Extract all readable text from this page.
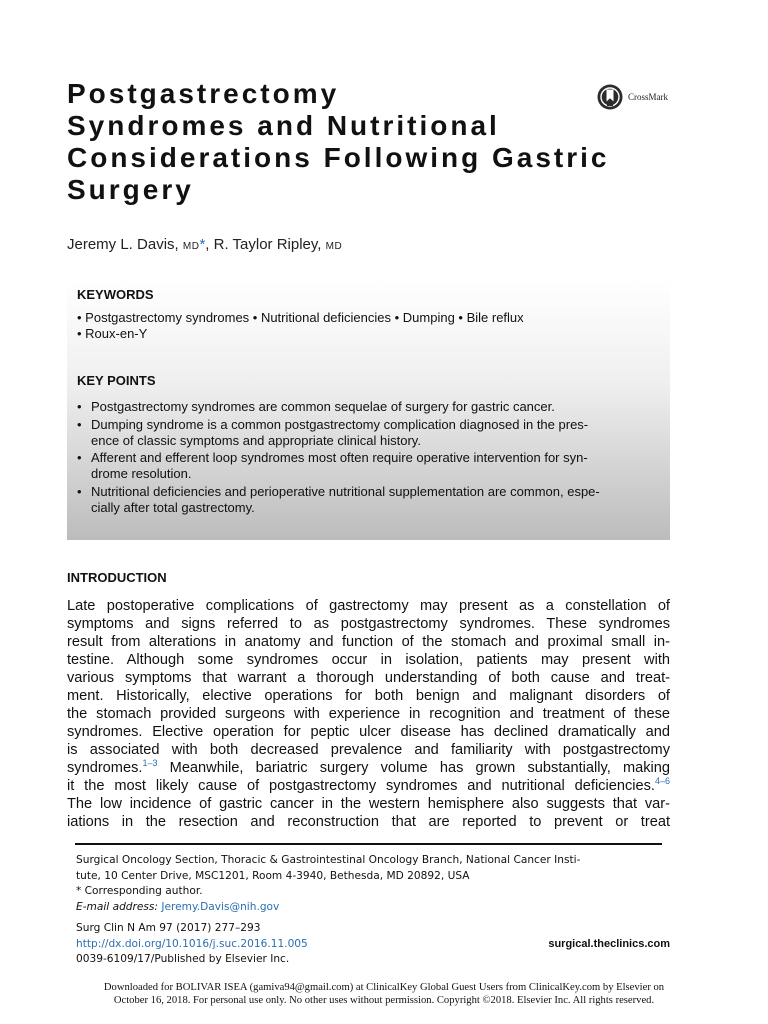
Postgastrectomy
Syndromes and Nutritional
Considerations Following Gastric
Surgery
CrossMark
Jeremy L. Davis, MD*, R. Taylor Ripley, MD
KEYWORDS
• Postgastrectomy syndromes • Nutritional deficiencies • Dumping • Bile reflux
• Roux-en-Y
KEY POINTS
• Postgastrectomy syndromes are common sequelae of surgery for gastric cancer.
• Dumping syndrome is a common postgastrectomy complication diagnosed in the pres-
ence of classic symptoms and appropriate clinical history.
• Afferent and efferent loop syndromes most often require operative intervention for syn-
drome resolution.
• Nutritional deficiencies and perioperative nutritional supplementation are common, espe-
cially after total gastrectomy.
INTRODUCTION
Late postoperative complications of gastrectomy may present as a constellation of
symptoms and signs referred to as postgastrectomy syndromes. These syndromes
result from alterations in anatomy and function of the stomach and proximal small in-
testine. Although some syndromes occur in isolation, patients may present with
various symptoms that warrant a thorough understanding of both cause and treat-
ment. Historically, elective operations for both benign and malignant disorders of
the stomach provided surgeons with experience in recognition and treatment of these
syndromes. Elective operation for peptic ulcer disease has declined dramatically and
is associated with both decreased prevalence and familiarity with postgastrectomy
syndromes.$^{1-3}$ Meanwhile, bariatric surgery volume has grown substantially, making
it the most likely cause of postgastrectomy syndromes and nutritional deficiencies.$^{4-6}$
The low incidence of gastric cancer in the western hemisphere also suggests that var-
iations in the resection and reconstruction that are reported to prevent or treat
Surgical Oncology Section, Thoracic & Gastrointestinal Oncology Branch, National Cancer Insti-
tute, 10 Center Drive, MSC1201, Room 4-3940, Bethesda, MD 20892, USA
* Corresponding author.
E-mail address: Jeremy.Davis@nih.gov
Surg Clin N Am 97 (2017) 277–293
http://dx.doi.org/10.1016/j.suc.2016.11.005
0039-6109/17/Published by Elsevier Inc.
surgical.theclinics.com
Downloaded for BOLIVAR ISEA (gamiva94@gmail.com) at ClinicalKey Global Guest Users from ClinicalKey.com by Elsevier on
October 16, 2018. For personal use only. No other uses without permission. Copyright ©2018. Elsevier Inc. All rights reserved.
